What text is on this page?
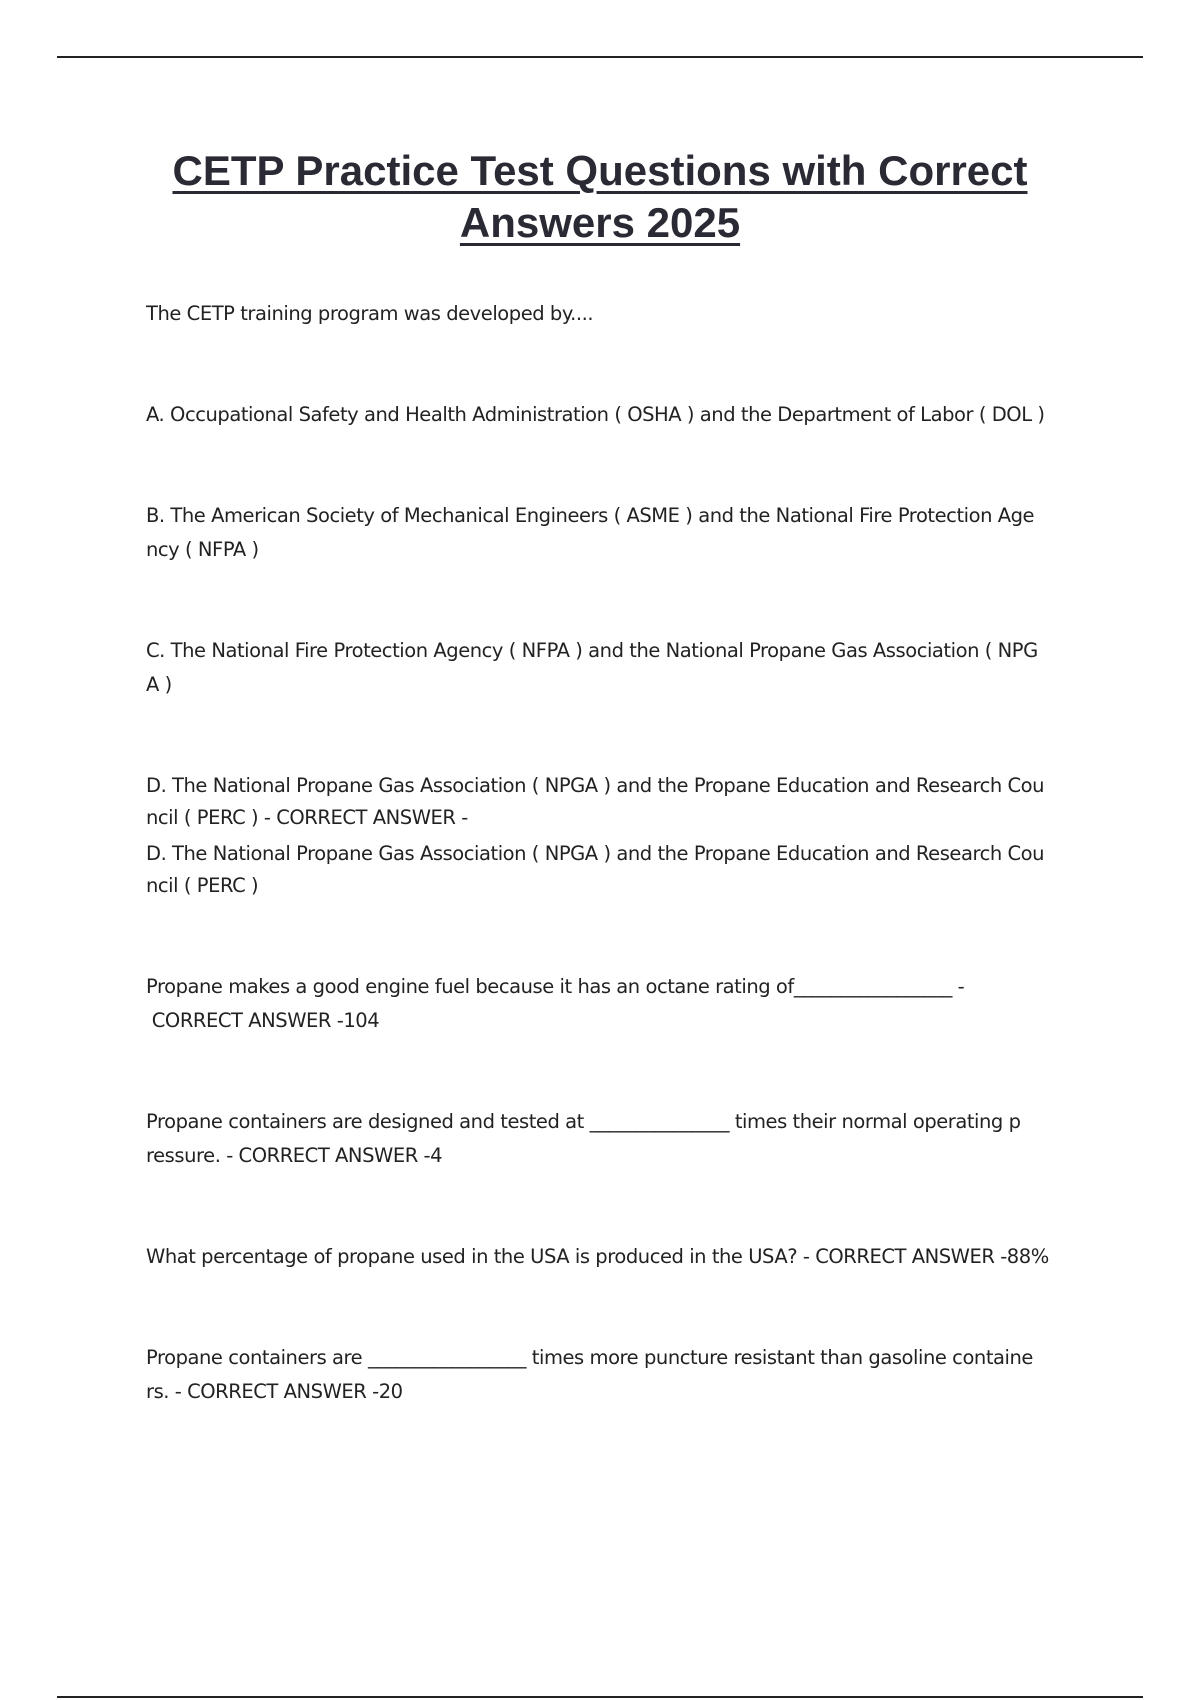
CETP Practice Test Questions with Correct
Answers 2025

The CETP training program was developed by....

A. Occupational Safety and Health Administration ( OSHA ) and the Department of Labor ( DOL )

B. The American Society of Mechanical Engineers ( ASME ) and the National Fire Protection Age

ncy ( NFPA )

C. The National Fire Protection Agency ( NFPA ) and the National Propane Gas Association ( NPG

A )

D. The National Propane Gas Association ( NPGA ) and the Propane Education and Research Cou

ncil ( PERC ) - CORRECT ANSWER -

D. The National Propane Gas Association ( NPGA ) and the Propane Education and Research Cou

ncil ( PERC )

Propane makes a good engine fuel because it has an octane rating of_________________ -

CORRECT ANSWER -104

Propane containers are designed and tested at _______________ times their normal operating p

ressure. - CORRECT ANSWER -4

What percentage of propane used in the USA is produced in the USA? - CORRECT ANSWER -88%

Propane containers are _________________ times more puncture resistant than gasoline containe

rs. - CORRECT ANSWER -20
